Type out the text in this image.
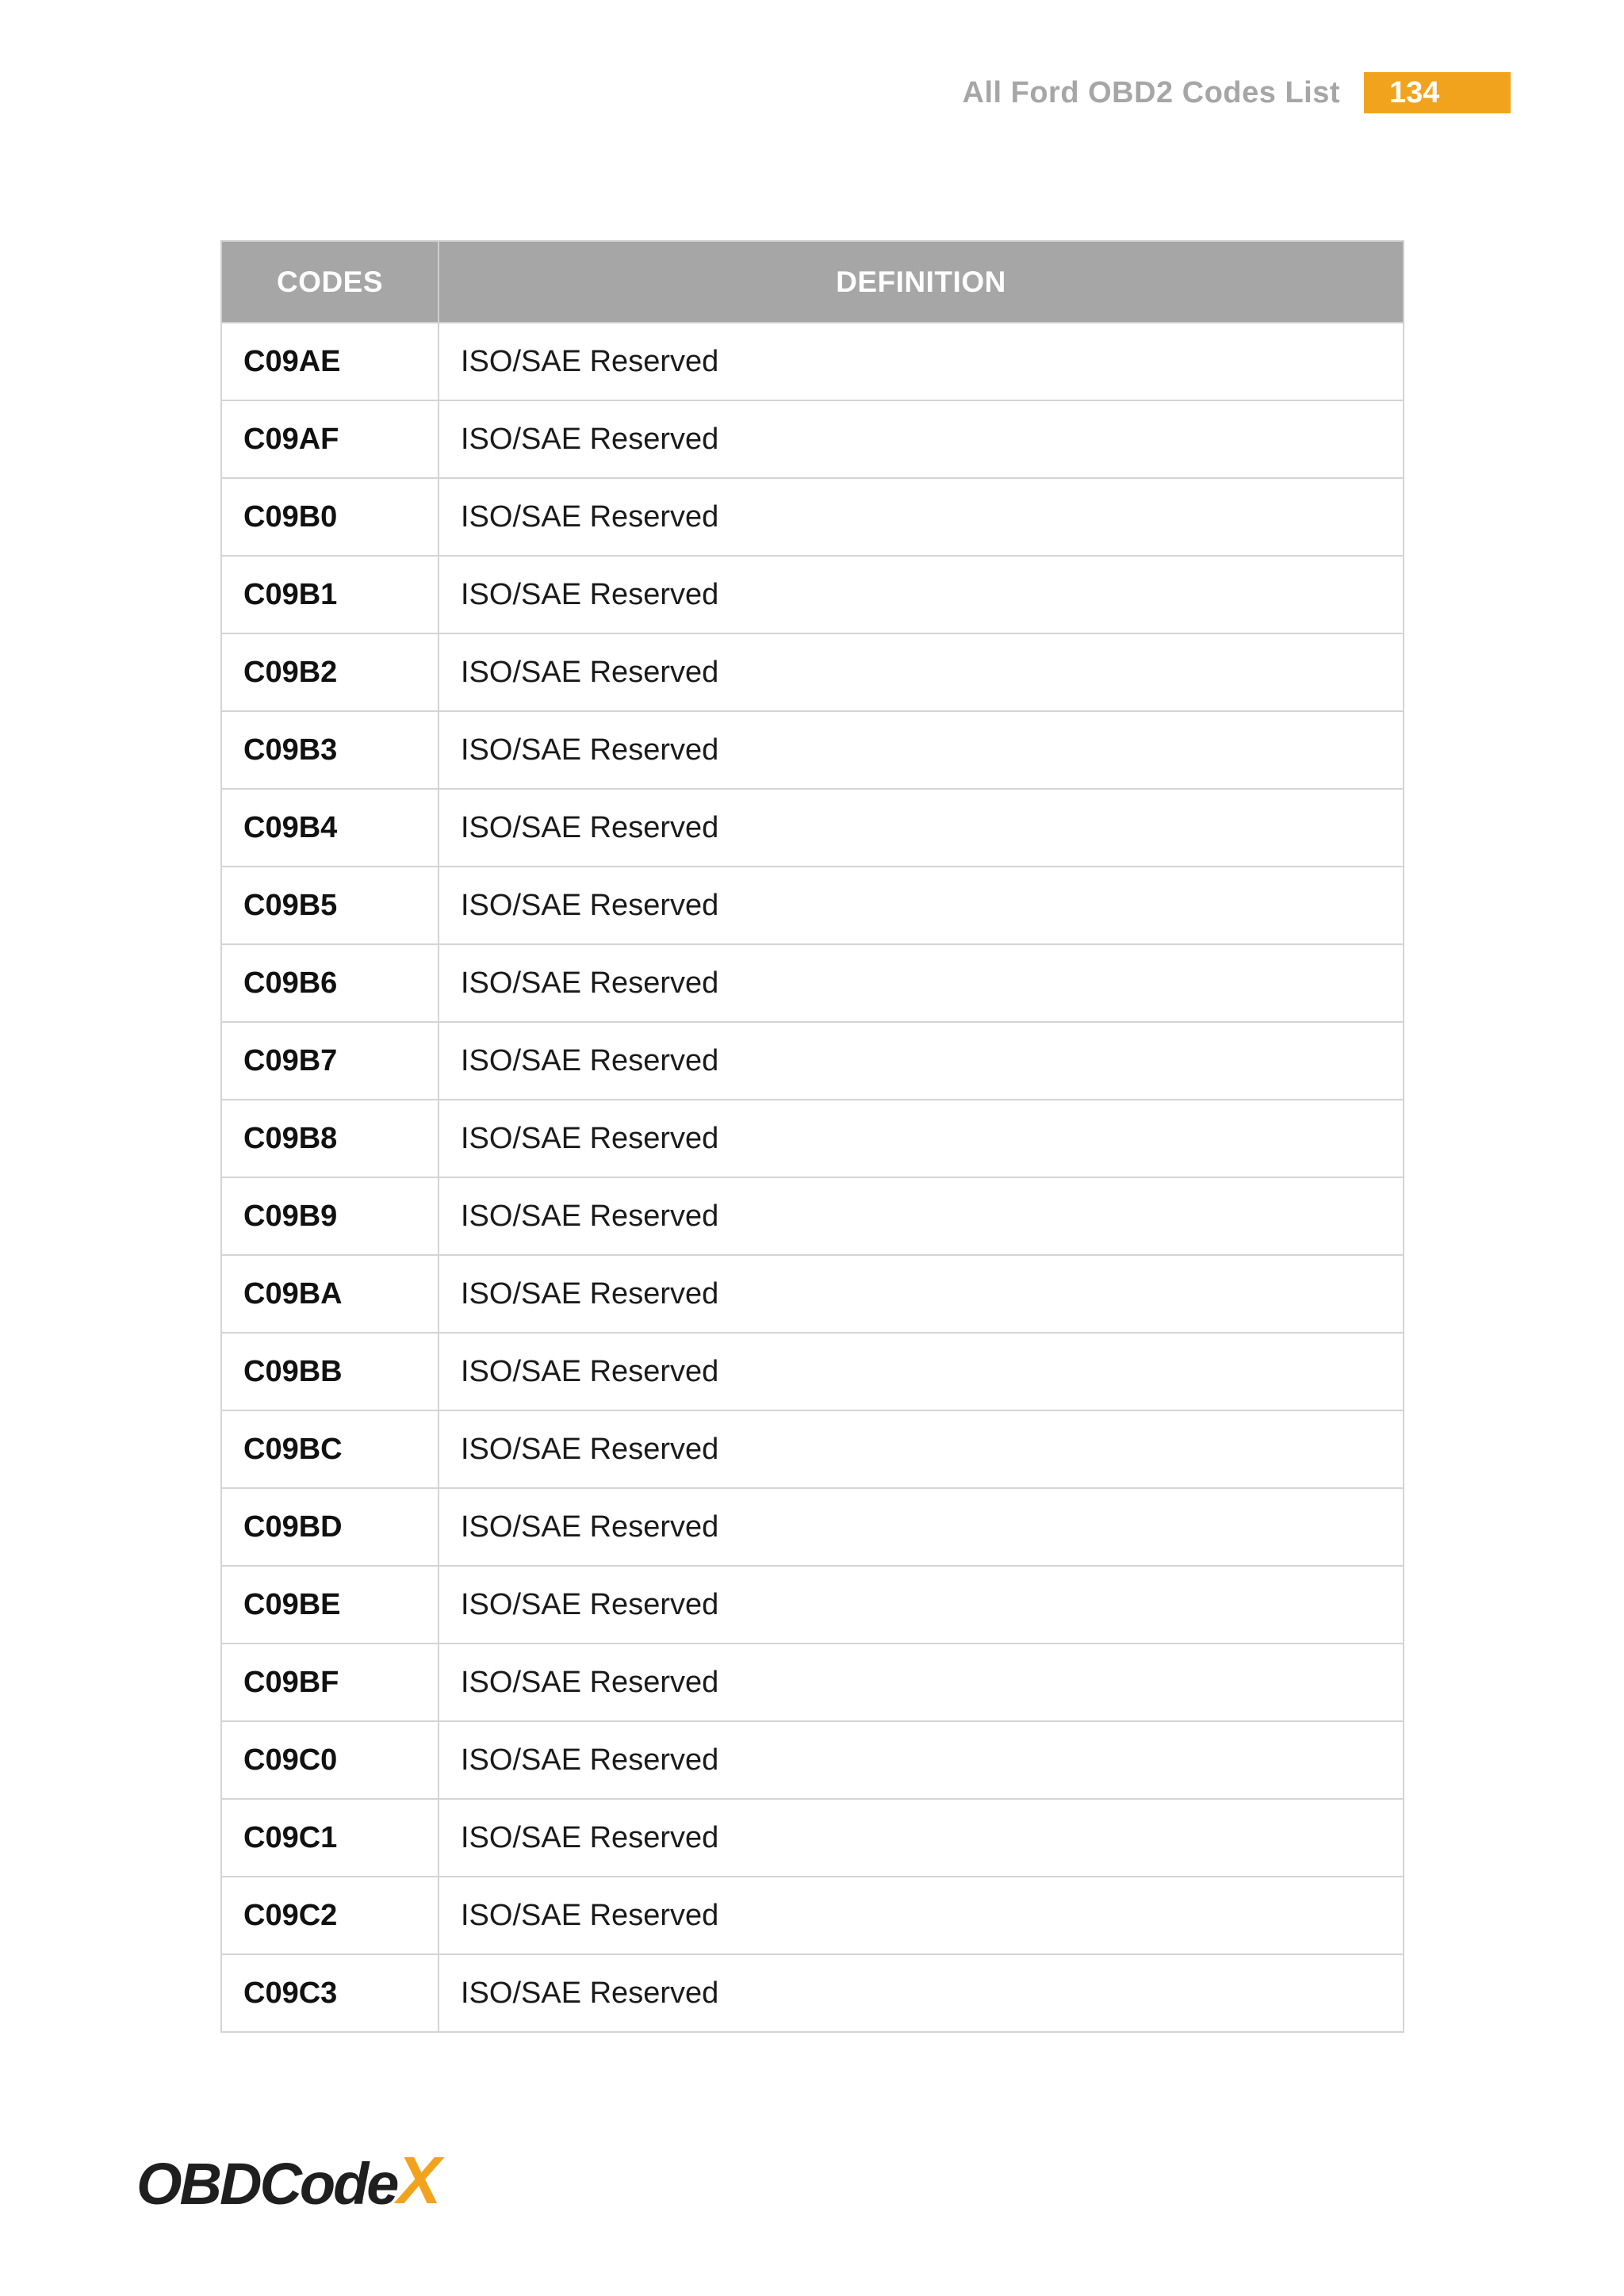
All Ford OBD2 Codes List	134
CODES	DEFINITION
C09AE	ISO/SAE Reserved
C09AF	ISO/SAE Reserved
C09B0	ISO/SAE Reserved
C09B1	ISO/SAE Reserved
C09B2	ISO/SAE Reserved
C09B3	ISO/SAE Reserved
C09B4	ISO/SAE Reserved
C09B5	ISO/SAE Reserved
C09B6	ISO/SAE Reserved
C09B7	ISO/SAE Reserved
C09B8	ISO/SAE Reserved
C09B9	ISO/SAE Reserved
C09BA	ISO/SAE Reserved
C09BB	ISO/SAE Reserved
C09BC	ISO/SAE Reserved
C09BD	ISO/SAE Reserved
C09BE	ISO/SAE Reserved
C09BF	ISO/SAE Reserved
C09C0	ISO/SAE Reserved
C09C1	ISO/SAE Reserved
C09C2	ISO/SAE Reserved
C09C3	ISO/SAE Reserved
OBDCode X
